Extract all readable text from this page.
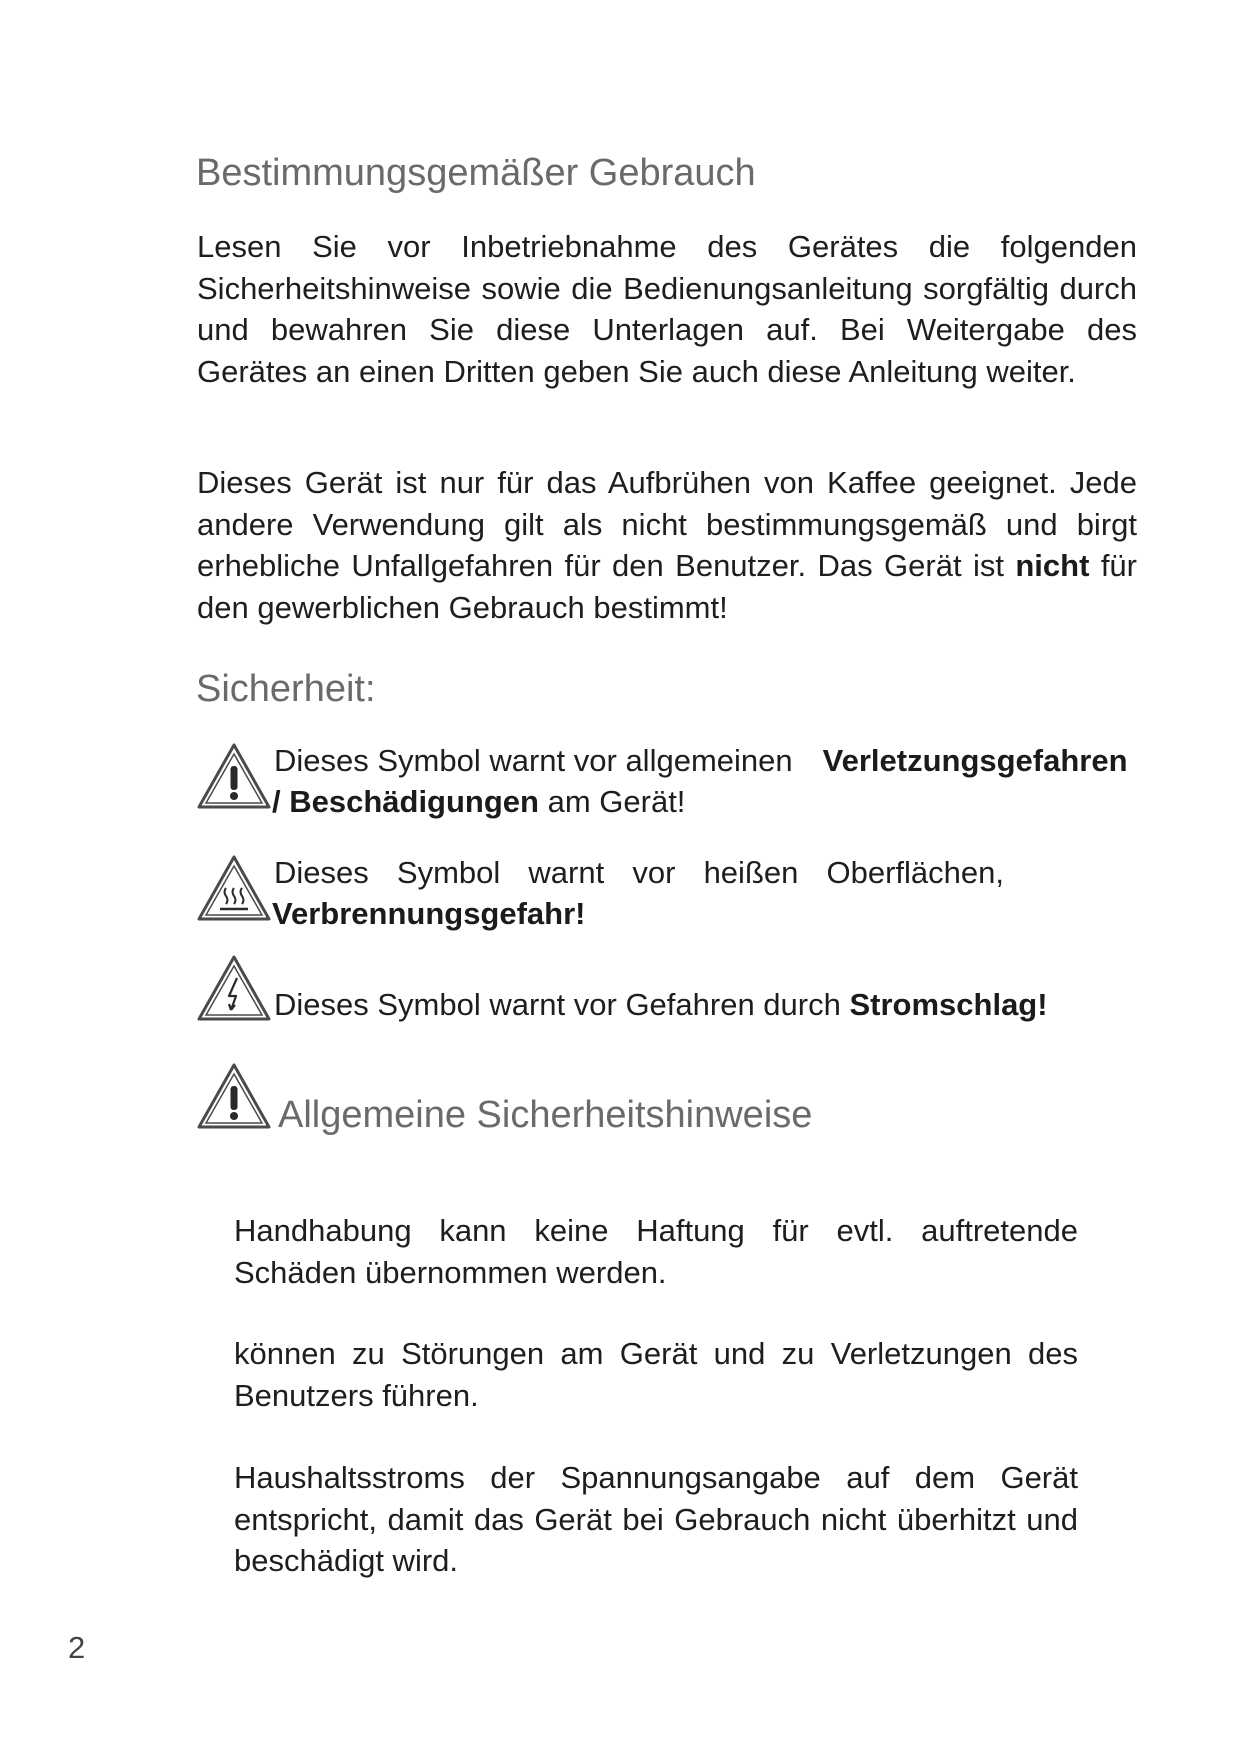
Bestimmungsgemäßer Gebrauch

Lesen Sie vor Inbetriebnahme des Gerätes die folgenden Sicherheitshinweise sowie die Bedienungsanleitung sorgfältig durch und bewahren Sie diese Unterlagen auf. Bei Weitergabe des Gerätes an einen Dritten geben Sie auch diese Anleitung weiter.

Dieses Gerät ist nur für das Aufbrühen von Kaffee geeignet. Jede andere Verwendung gilt als nicht bestimmungsgemäß und birgt erhebliche Unfallgefahren für den Benutzer. Das Gerät ist nicht für den gewerblichen Gebrauch bestimmt!

Sicherheit:

Dieses Symbol warnt vor allgemeinen Verletzungsgefahren

/ Beschädigungen am Gerät!

Dieses Symbol warnt vor heißen Oberflächen,

Verbrennungsgefahr!

Dieses Symbol warnt vor Gefahren durch Stromschlag!

Allgemeine Sicherheitshinweise

Handhabung kann keine Haftung für evtl. auftretende Schäden übernommen werden.

können zu Störungen am Gerät und zu Verletzungen des Benutzers führen.

Haushaltsstroms der Spannungsangabe auf dem Gerät entspricht, damit das Gerät bei Gebrauch nicht überhitzt und beschädigt wird.

2
